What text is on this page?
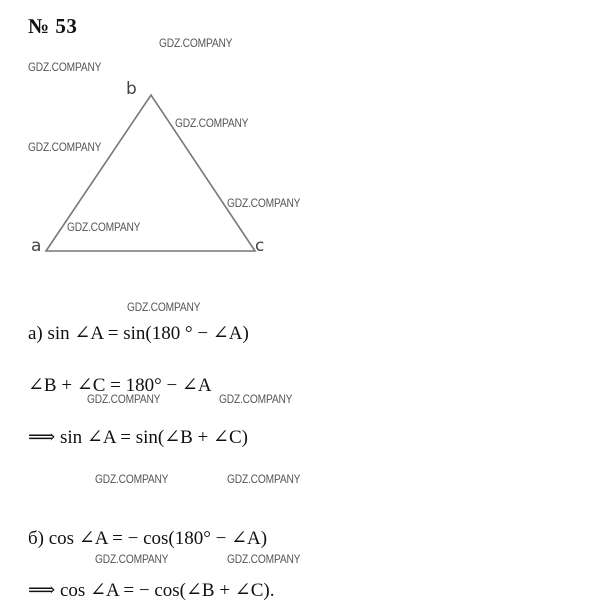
№ 53
b
a	c
а) sin ∠A = sin(180 ° − ∠A)
∠B + ∠C = 180° − ∠A
⟹ sin ∠A = sin(∠B + ∠C)
б) cos ∠A = − cos(180° − ∠A)
⟹ cos ∠A = − cos(∠B + ∠C).
GDZ.COMPANY
GDZ.COMPANY
GDZ.COMPANY
GDZ.COMPANY
GDZ.COMPANY
GDZ.COMPANY
GDZ.COMPANY
GDZ.COMPANY	GDZ.COMPANY
GDZ.COMPANY	GDZ.COMPANY
GDZ.COMPANY	GDZ.COMPANY
